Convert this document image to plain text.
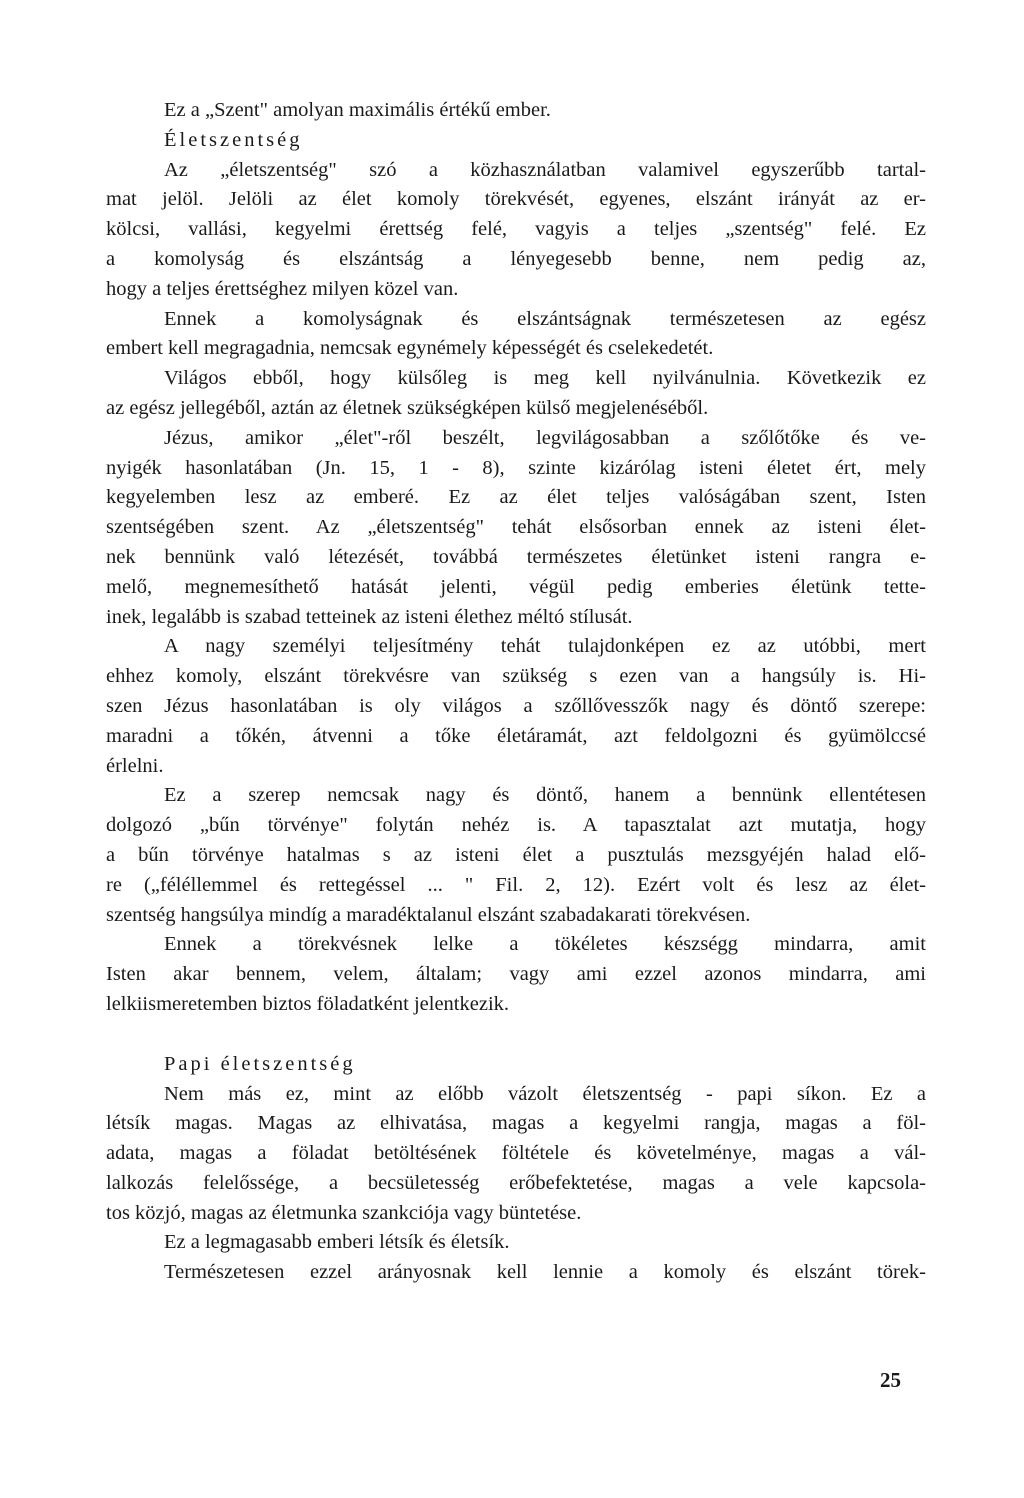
Ez a „Szent" amolyan maximális értékű ember.
Életszentség
Az „életszentség" szó a közhasználatban valamivel egyszerűbb tartal-
mat jelöl. Jelöli az élet komoly törekvését, egyenes, elszánt irányát az er-
kölcsi, vallási, kegyelmi érettség felé, vagyis a teljes „szentség" felé. Ez
a komolyság és elszántság a lényegesebb benne, nem pedig az,
hogy a teljes érettséghez milyen közel van.
Ennek a komolyságnak és elszántságnak természetesen az egész
embert kell megragadnia, nemcsak egynémely képességét és cselekedetét.
Világos ebből, hogy külsőleg is meg kell nyilvánulnia. Következik ez
az egész jellegéből, aztán az életnek szükségképen külső megjelenéséből.
Jézus, amikor „élet"-ről beszélt, legvilágosabban a szőlőtőke és ve-
nyigék hasonlatában (Jn. 15, 1 - 8), szinte kizárólag isteni életet ért, mely
kegyelemben lesz az emberé. Ez az élet teljes valóságában szent, Isten
szentségében szent. Az „életszentség" tehát elsősorban ennek az isteni élet-
nek bennünk való létezését, továbbá természetes életünket isteni rangra e-
melő, megnemesíthető hatását jelenti, végül pedig emberies életünk tette-
inek, legalább is szabad tetteinek az isteni élethez méltó stílusát.
A nagy személyi teljesítmény tehát tulajdonképen ez az utóbbi, mert
ehhez komoly, elszánt törekvésre van szükség s ezen van a hangsúly is. Hi-
szen Jézus hasonlatában is oly világos a szőllővesszők nagy és döntő szerepe:
maradni a tőkén, átvenni a tőke életáramát, azt feldolgozni és gyümölccsé
érlelni.
Ez a szerep nemcsak nagy és döntő, hanem a bennünk ellentétesen
dolgozó „bűn törvénye" folytán nehéz is. A tapasztalat azt mutatja, hogy
a bűn törvénye hatalmas s az isteni élet a pusztulás mezsgyéjén halad elő-
re („féléllemmel és rettegéssel ... " Fil. 2, 12). Ezért volt és lesz az élet-
szentség hangsúlya mindíg a maradéktalanul elszánt szabadakarati törekvésen.
Ennek a törekvésnek lelke a tökéletes készségg mindarra, amit
Isten akar bennem, velem, általam; vagy ami ezzel azonos mindarra, ami
lelkiismeretemben biztos föladatként jelentkezik.
Papi életszentség
Nem más ez, mint az előbb vázolt életszentség - papi síkon. Ez a
létsík magas. Magas az elhivatása, magas a kegyelmi rangja, magas a föl-
adata, magas a föladat betöltésének föltétele és követelménye, magas a vál-
lalkozás felelőssége, a becsületesség erőbefektetése, magas a vele kapcsola-
tos közjó, magas az életmunka szankciója vagy büntetése.
Ez a legmagasabb emberi létsík és életsík.
Természetesen ezzel arányosnak kell lennie a komoly és elszánt törek-
25
